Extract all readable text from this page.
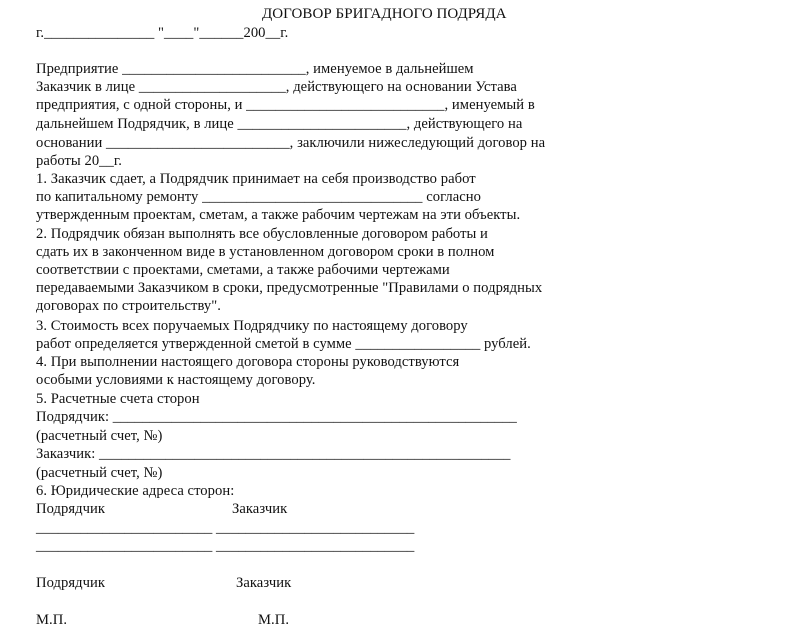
ДОГОВОР БРИГАДНОГО ПОДРЯДА
г._______________ "____"______200__г.
Предприятие _________________________, именуемое в дальнейшем
Заказчик в лице ____________________, действующего на основании Устава
предприятия, с одной стороны, и ___________________________, именуемый в
дальнейшем Подрядчик, в лице _______________________, действующего на
основании _________________________, заключили нижеследующий договор на
работы 20__г.
1. Заказчик сдает, а Подрядчик принимает на себя производство работ
по капитальному ремонту ______________________________ согласно
утвержденным проектам, сметам, а также рабочим чертежам на эти объекты.
2. Подрядчик обязан выполнять все обусловленные договором работы и
сдать их в законченном виде в установленном договором сроки в полном
соответствии с проектами, сметами, а также рабочими чертежами
передаваемыми Заказчиком в сроки, предусмотренные "Правилами о подрядных
договорах по строительству".
3. Стоимость всех поручаемых Подрядчику по настоящему договору
работ определяется утвержденной сметой в сумме _________________ рублей.
4. При выполнении настоящего договора стороны руководствуются
особыми условиями к настоящему договору.
5. Расчетные счета сторон
Подрядчик: _______________________________________________________
(расчетный счет, №)
Заказчик: ________________________________________________________
(расчетный счет, №)
6. Юридические адреса сторон:
Подрядчик	Заказчик
________________________ ___________________________
________________________ ___________________________
Подрядчик	Заказчик
М.П.	М.П.
